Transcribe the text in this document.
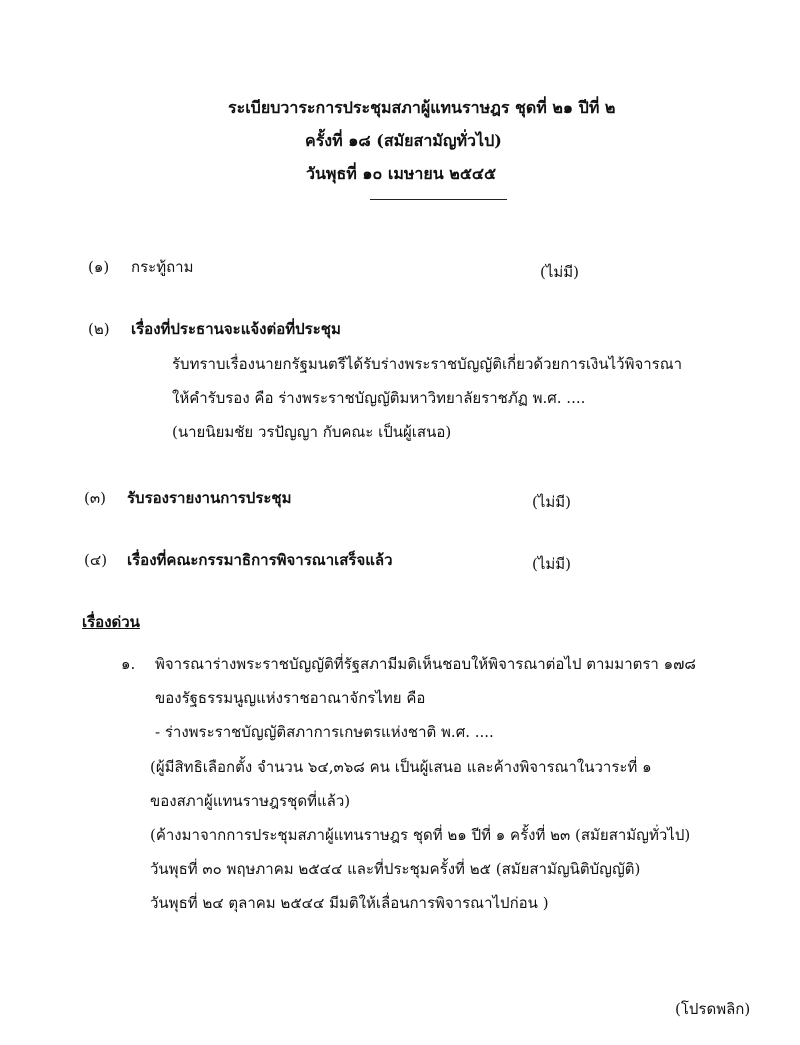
ระเบียบวาระการประชุมสภาผู้แทนราษฎร ชุดที่ ๒๑ ปีที่ ๒
ครั้งที่ ๑๘ (สมัยสามัญทั่วไป)
วันพุธที่ ๑๐ เมษายน ๒๕๔๕
(๑) กระทู้ถาม	(ไม่มี)
(๒) เรื่องที่ประธานจะแจ้งต่อที่ประชุม
รับทราบเรื่องนายกรัฐมนตรีได้รับร่างพระราชบัญญัติเกี่ยวด้วยการเงินไว้พิจารณา
ให้คำรับรอง คือ ร่างพระราชบัญญัติมหาวิทยาลัยราชภัฏ พ.ศ. ....
(นายนิยมชัย วรปัญญา กับคณะ เป็นผู้เสนอ)
(๓) รับรองรายงานการประชุม	(ไม่มี)
(๔) เรื่องที่คณะกรรมาธิการพิจารณาเสร็จแล้ว	(ไม่มี)
เรื่องด่วน
๑. พิจารณาร่างพระราชบัญญัติที่รัฐสภามีมติเห็นชอบให้พิจารณาต่อไป ตามมาตรา ๑๗๘
ของรัฐธรรมนูญแห่งราชอาณาจักรไทย คือ
- ร่างพระราชบัญญัติสภาการเกษตรแห่งชาติ พ.ศ. ....
(ผู้มีสิทธิเลือกตั้ง จำนวน ๖๔,๓๖๘ คน เป็นผู้เสนอ และค้างพิจารณาในวาระที่ ๑
ของสภาผู้แทนราษฎรชุดที่แล้ว)
(ค้างมาจากการประชุมสภาผู้แทนราษฎร ชุดที่ ๒๑ ปีที่ ๑ ครั้งที่ ๒๓ (สมัยสามัญทั่วไป)
วันพุธที่ ๓๐ พฤษภาคม ๒๕๔๔ และที่ประชุมครั้งที่ ๒๕ (สมัยสามัญนิติบัญญัติ)
วันพุธที่ ๒๔ ตุลาคม ๒๕๔๔ มีมติให้เลื่อนการพิจารณาไปก่อน )
(โปรดพลิก)
